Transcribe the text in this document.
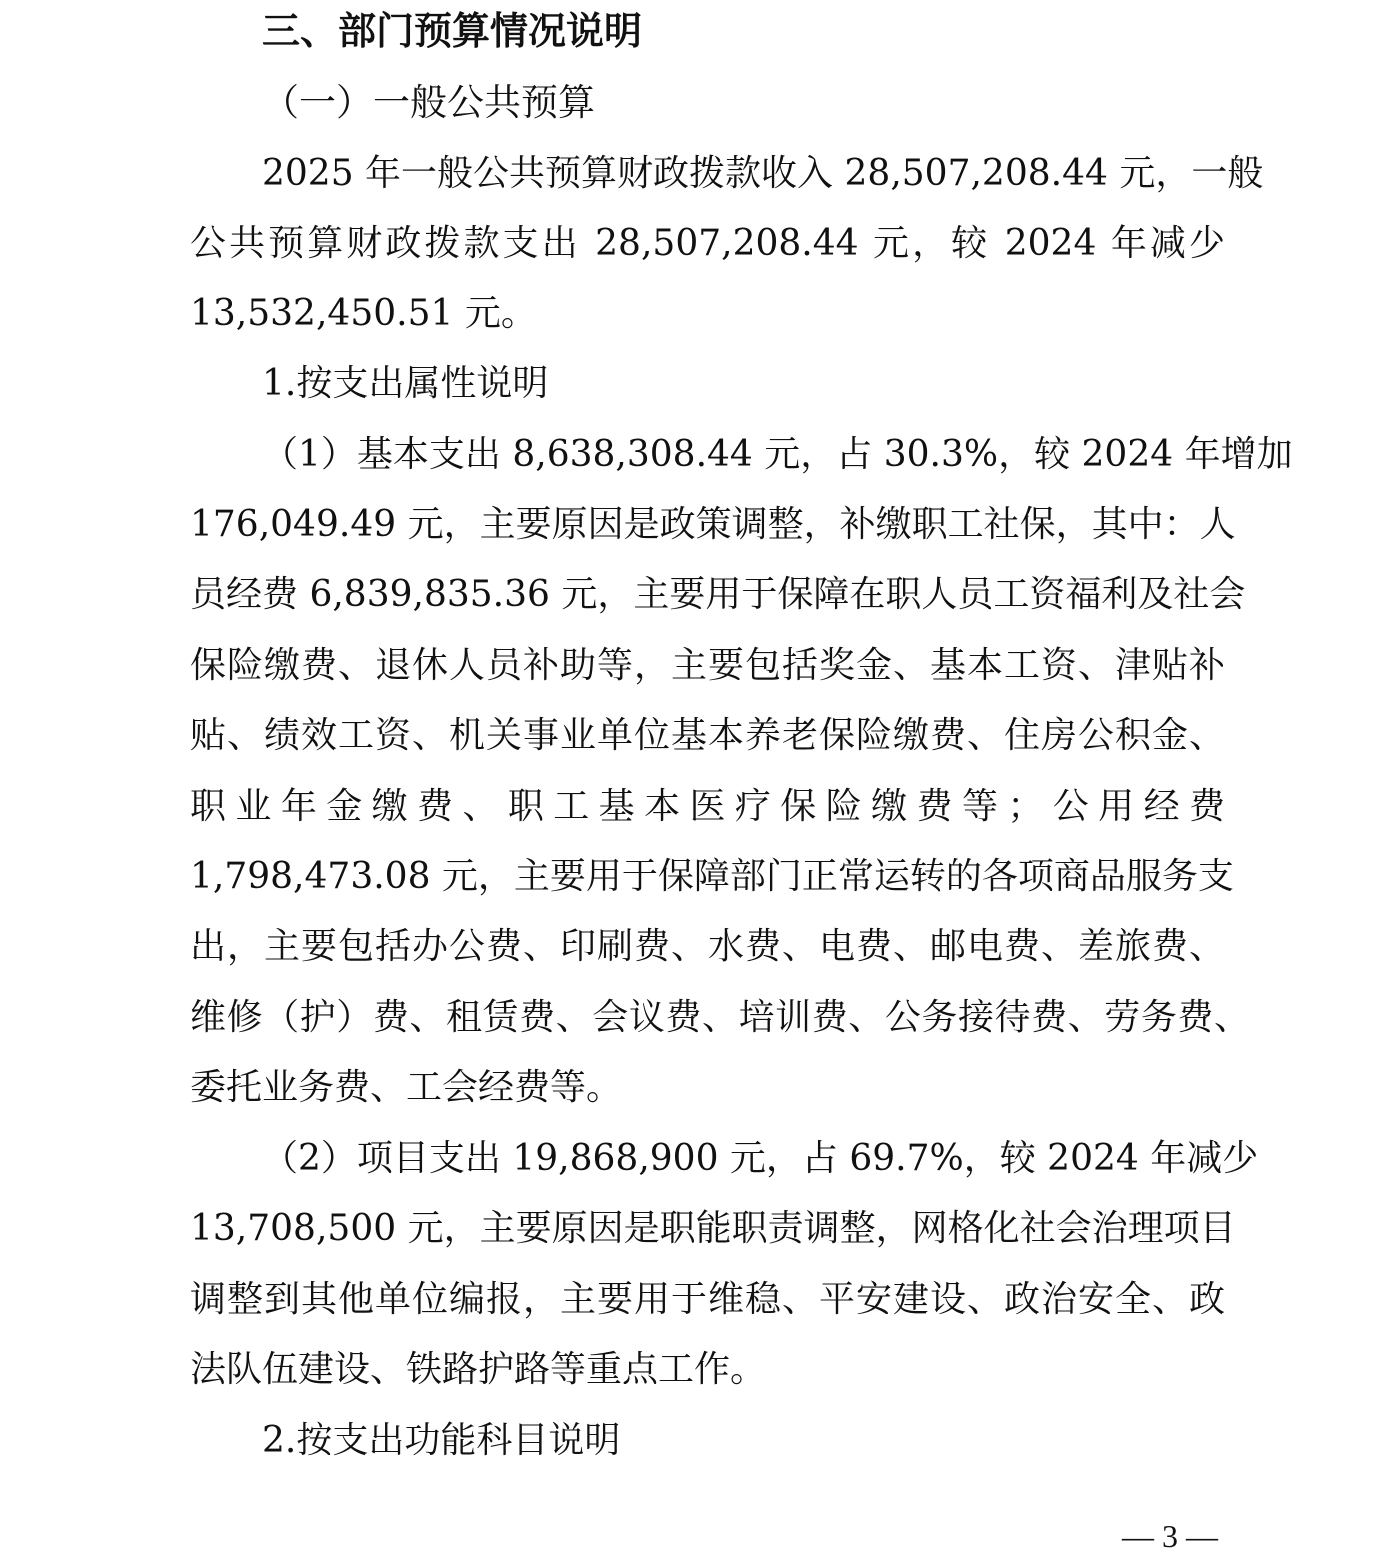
三、部门预算情况说明
（一）一般公共预算
2025 年一般公共预算财政拨款收入 28,507,208.44 元，一般
公共预算财政拨款支出 28,507,208.44 元，较 2024 年减少
13,532,450.51 元。
1.按支出属性说明
（1）基本支出 8,638,308.44 元，占 30.3%，较 2024 年增加
176,049.49 元，主要原因是政策调整，补缴职工社保，其中：人
员经费 6,839,835.36 元，主要用于保障在职人员工资福利及社会
保险缴费、退休人员补助等，主要包括奖金、基本工资、津贴补
贴、绩效工资、机关事业单位基本养老保险缴费、住房公积金、
职业年金缴费、职工基本医疗保险缴费等；公用经费
1,798,473.08 元，主要用于保障部门正常运转的各项商品服务支
出，主要包括办公费、印刷费、水费、电费、邮电费、差旅费、
维修（护）费、租赁费、会议费、培训费、公务接待费、劳务费、
委托业务费、工会经费等。
（2）项目支出 19,868,900 元，占 69.7%，较 2024 年减少
13,708,500 元，主要原因是职能职责调整，网格化社会治理项目
调整到其他单位编报，主要用于维稳、平安建设、政治安全、政
法队伍建设、铁路护路等重点工作。
2.按支出功能科目说明
— 3 —
